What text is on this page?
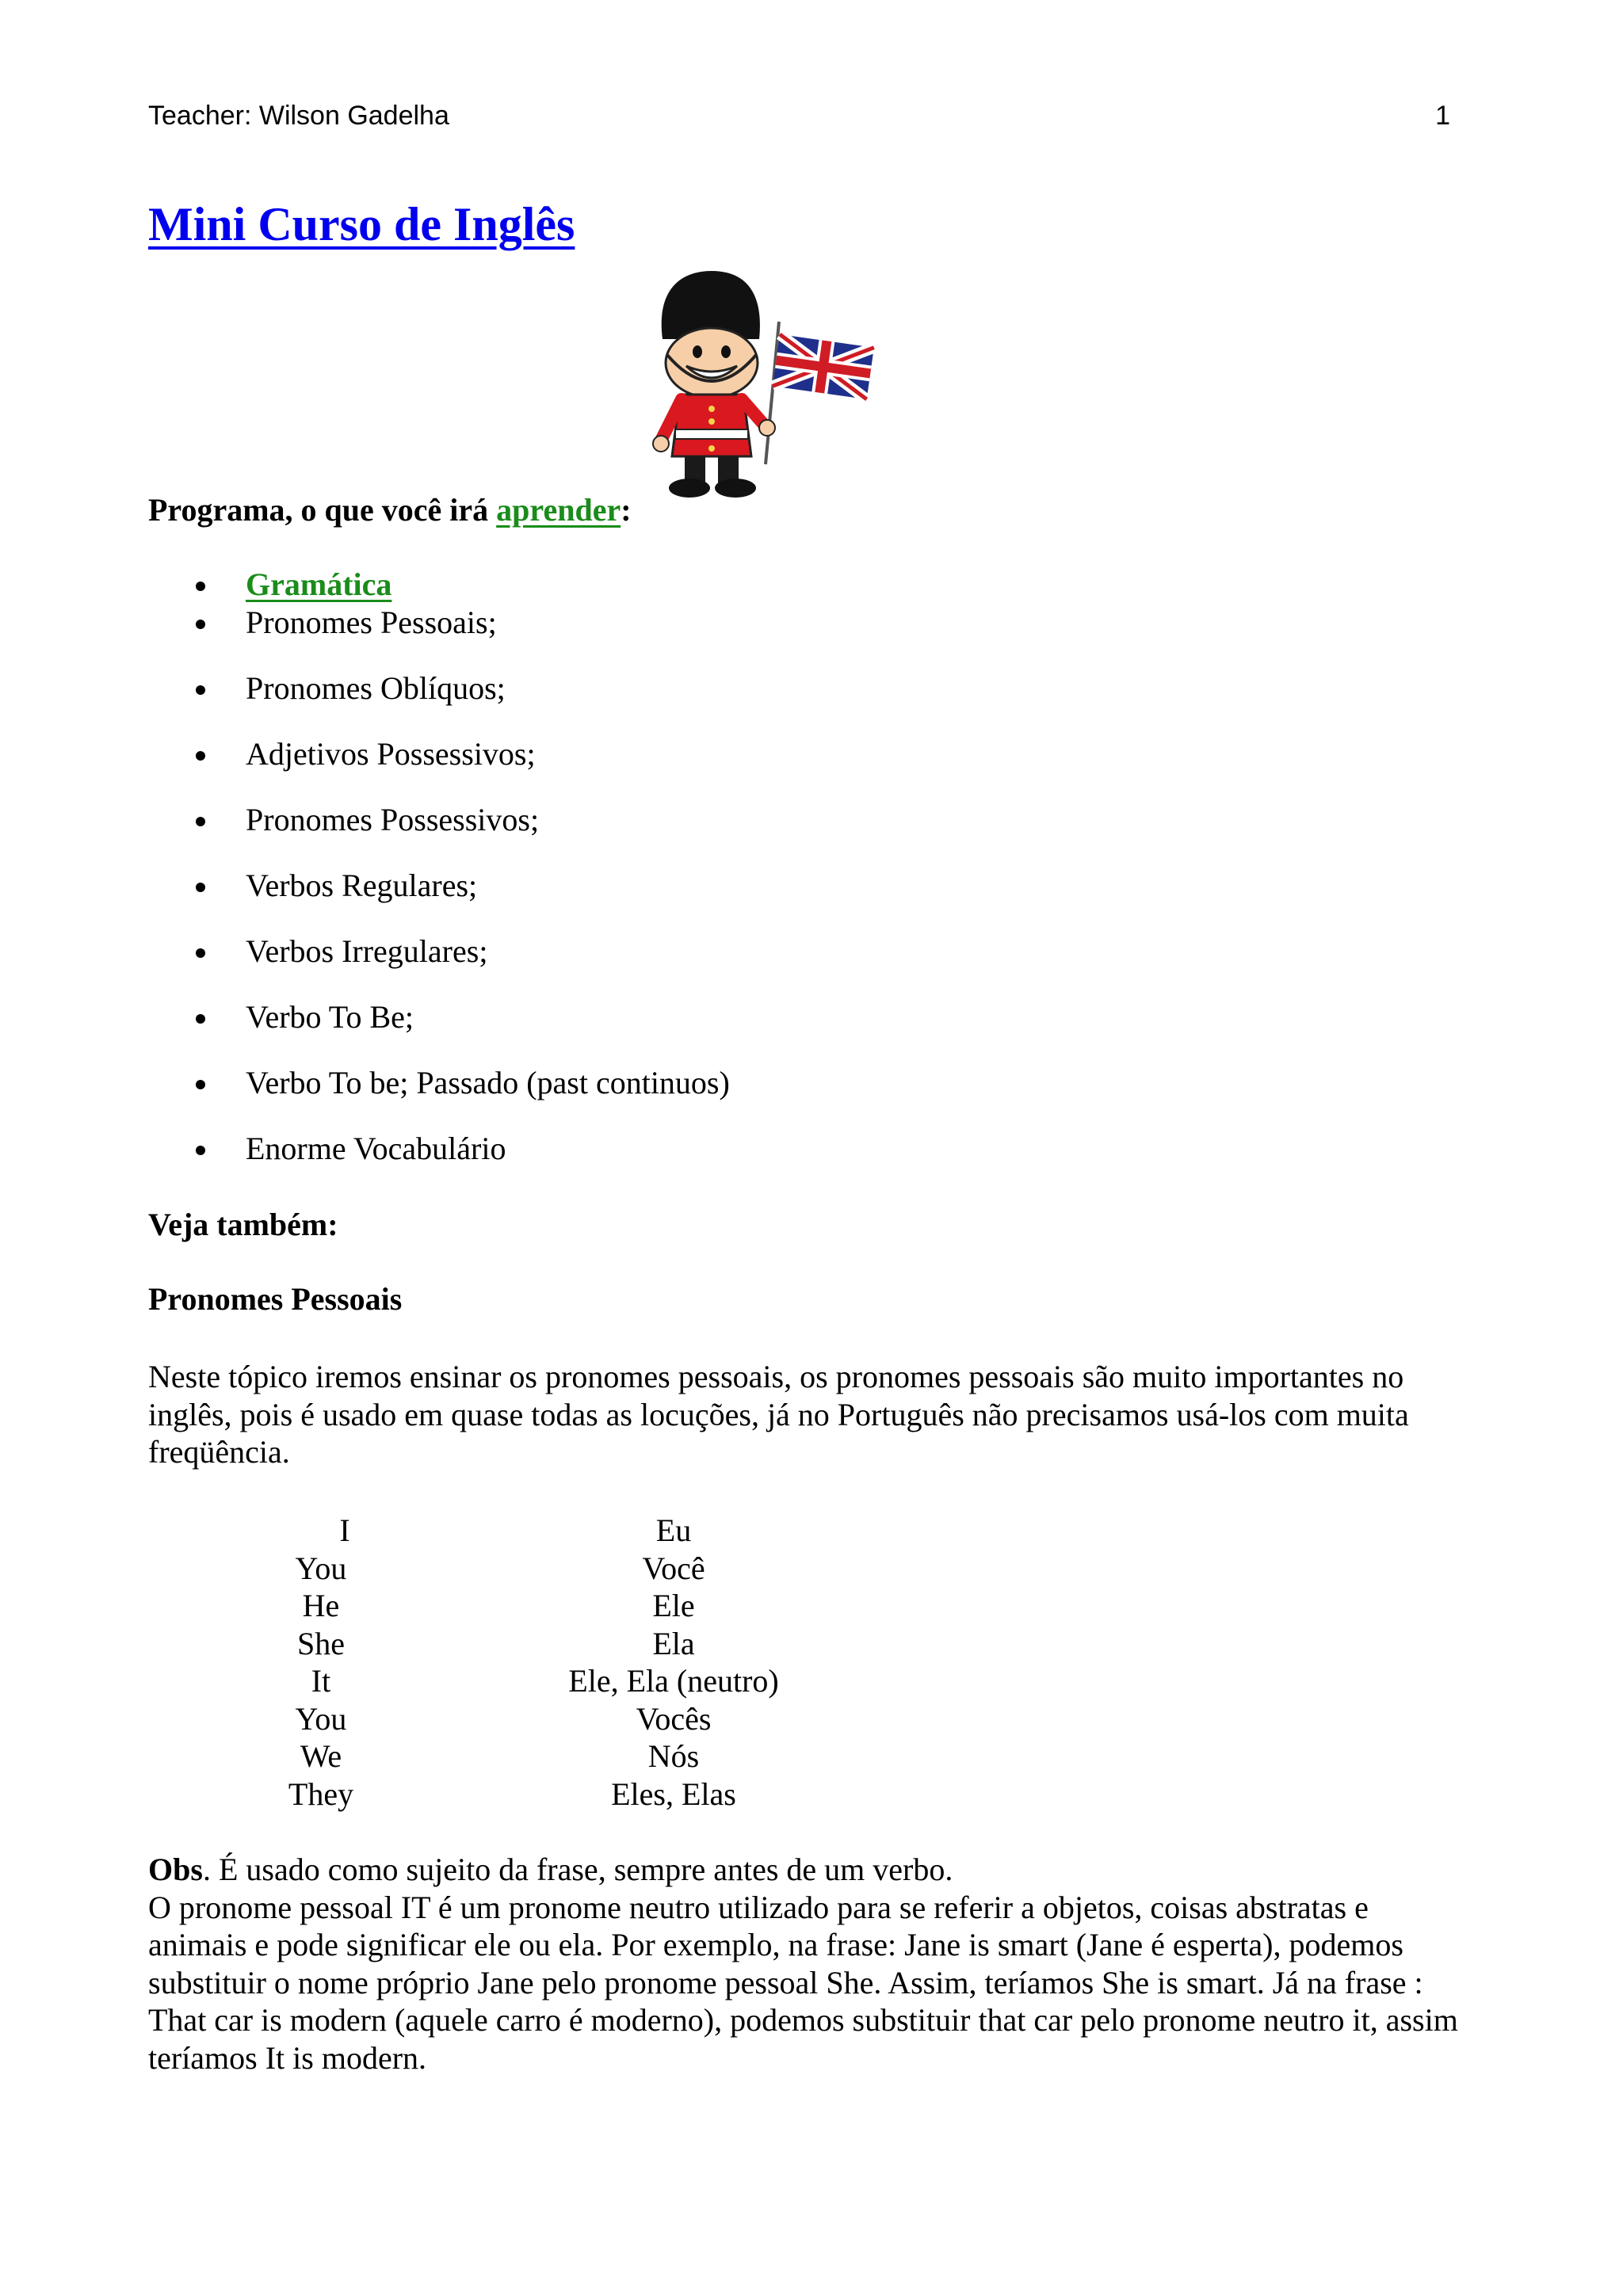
Teacher: Wilson Gadelha	1
Mini Curso de Inglês
Programa, o que você irá aprender:
Gramática
Pronomes Pessoais;
Pronomes Oblíquos;
Adjetivos Possessivos;
Pronomes Possessivos;
Verbos Regulares;
Verbos Irregulares;
Verbo To Be;
Verbo To be; Passado (past continuos)
Enorme Vocabulário
Veja também:
Pronomes Pessoais

Neste tópico iremos ensinar os pronomes pessoais, os pronomes pessoais são muito importantes no inglês, pois é usado em quase todas as locuções, já no Português não precisamos usá-los com muita freqüência.

I	Eu
You	Você
He	Ele
She	Ela
It	Ele, Ela (neutro)
You	Vocês
We	Nós
They	Eles, Elas

Obs. É usado como sujeito da frase, sempre antes de um verbo.

O pronome pessoal IT é um pronome neutro utilizado para se referir a objetos, coisas abstratas e animais e pode significar ele ou ela. Por exemplo, na frase: Jane is smart (Jane é esperta), podemos substituir o nome próprio Jane pelo pronome pessoal She. Assim, teríamos She is smart. Já na frase : That car is modern (aquele carro é moderno), podemos substituir that car pelo pronome neutro it, assim teríamos It is modern.
